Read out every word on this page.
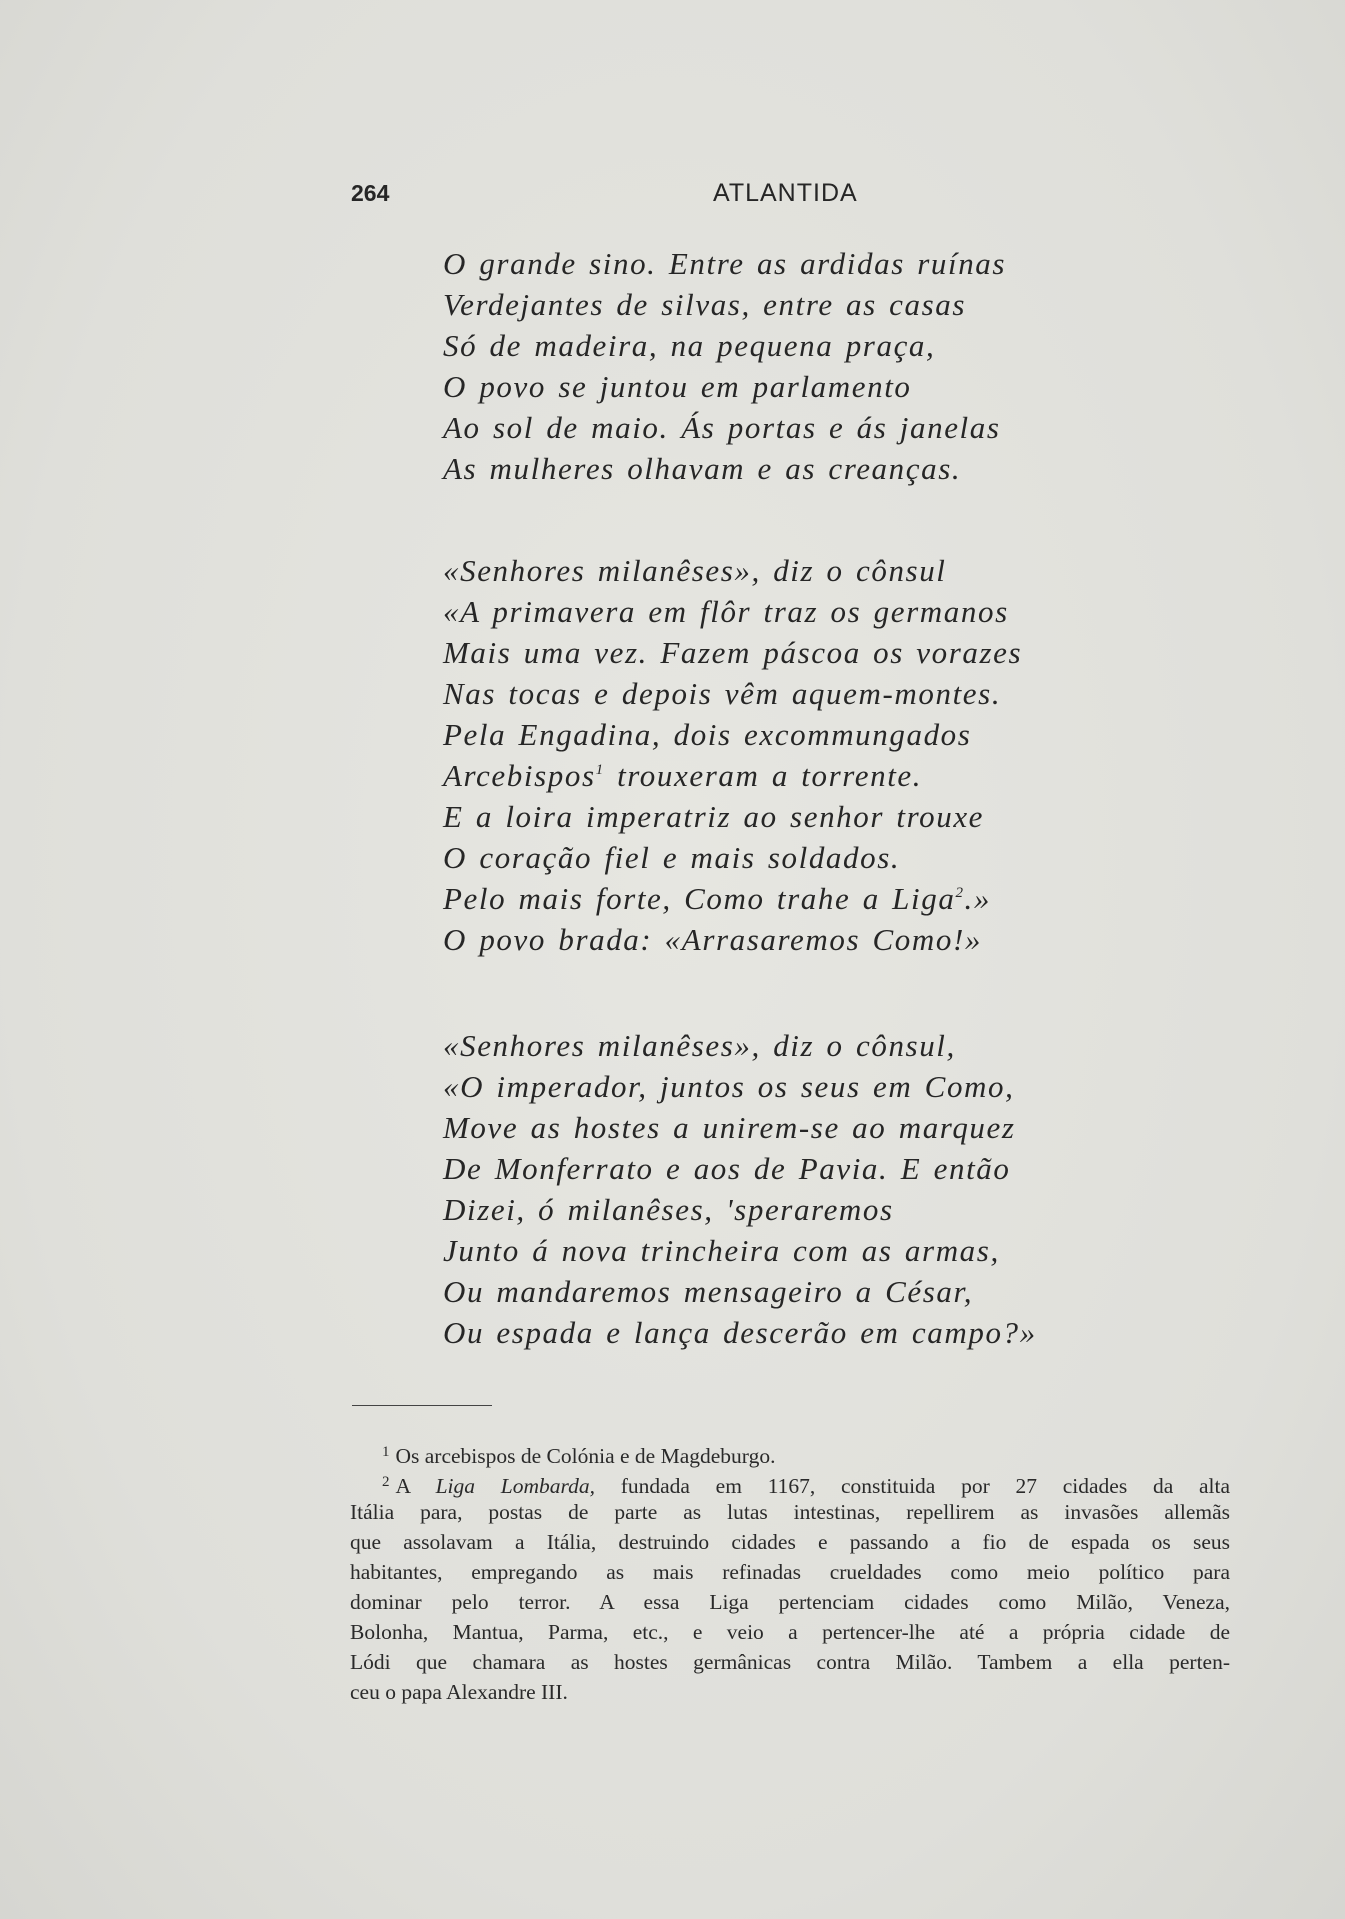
264	ATLANTIDA
O grande sino. Entre as ardidas ruínas
Verdejantes de silvas, entre as casas
Só de madeira, na pequena praça,
O povo se juntou em parlamento
Ao sol de maio. Ás portas e ás janelas
As mulheres olhavam e as creanças.
«Senhores milanêses», diz o cônsul
«A primavera em flôr traz os germanos
Mais uma vez. Fazem páscoa os vorazes
Nas tocas e depois vêm aquem-montes.
Pela Engadina, dois excommungados
Arcebispos$^1$ trouxeram a torrente.
E a loira imperatriz ao senhor trouxe
O coração fiel e mais soldados.
Pelo mais forte, Como trahe a Liga$^2$.»
O povo brada: «Arrasaremos Como!»
«Senhores milanêses», diz o cônsul,
«O imperador, juntos os seus em Como,
Move as hostes a unirem-se ao marquez
De Monferrato e aos de Pavia. E então
Dizei, ó milanêses, 'speraremos
Junto á nova trincheira com as armas,
Ou mandaremos mensageiro a César,
Ou espada e lança descerão em campo?»
$^1$ Os arcebispos de Colónia e de Magdeburgo.
$^2$ A Liga Lombarda, fundada em 1167, constituida por 27 cidades da alta
Itália para, postas de parte as lutas intestinas, repellirem as invasões allemãs
que assolavam a Itália, destruindo cidades e passando a fio de espada os seus
habitantes, empregando as mais refinadas crueldades como meio político para
dominar pelo terror. A essa Liga pertenciam cidades como Milão, Veneza,
Bolonha, Mantua, Parma, etc., e veio a pertencer-lhe até a própria cidade de
Lódi que chamara as hostes germânicas contra Milão. Tambem a ella perten-
ceu o papa Alexandre III.
